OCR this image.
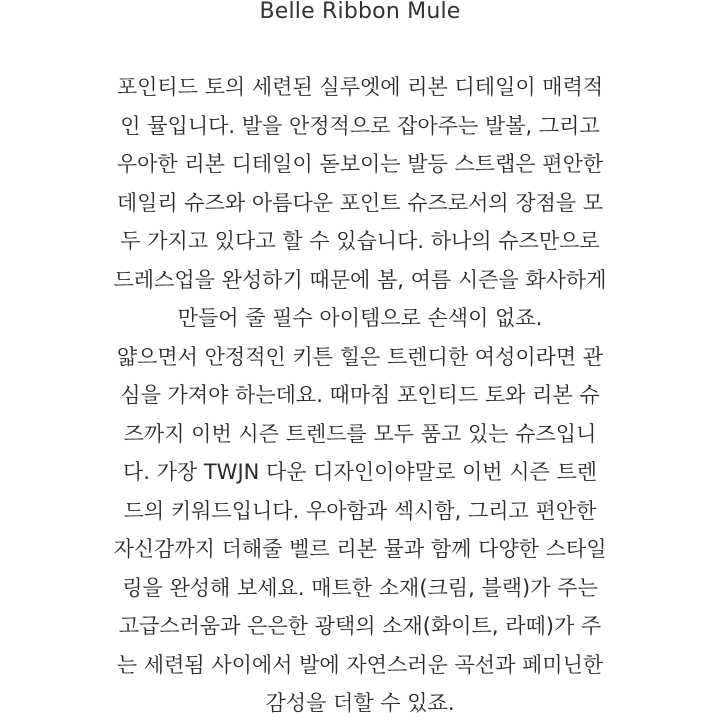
Belle Ribbon Mule
포인티드 토의 세련된 실루엣에 리본 디테일이 매력적
인 뮬입니다. 발을 안정적으로 잡아주는 발볼, 그리고
우아한 리본 디테일이 돋보이는 발등 스트랩은 편안한
데일리 슈즈와 아름다운 포인트 슈즈로서의 장점을 모
두 가지고 있다고 할 수 있습니다. 하나의 슈즈만으로
드레스업을 완성하기 때문에 봄, 여름 시즌을 화사하게
만들어 줄 필수 아이템으로 손색이 없죠.
얇으면서 안정적인 키튼 힐은 트렌디한 여성이라면 관
심을 가져야 하는데요. 때마침 포인티드 토와 리본 슈
즈까지 이번 시즌 트렌드를 모두 품고 있는 슈즈입니
다. 가장 TWJN 다운 디자인이야말로 이번 시즌 트렌
드의 키워드입니다. 우아함과 섹시함, 그리고 편안한
자신감까지 더해줄 벨르 리본 뮬과 함께 다양한 스타일
링을 완성해 보세요. 매트한 소재(크림, 블랙)가 주는
고급스러움과 은은한 광택의 소재(화이트, 라떼)가 주
는 세련됨 사이에서 발에 자연스러운 곡선과 페미닌한
감성을 더할 수 있죠.
